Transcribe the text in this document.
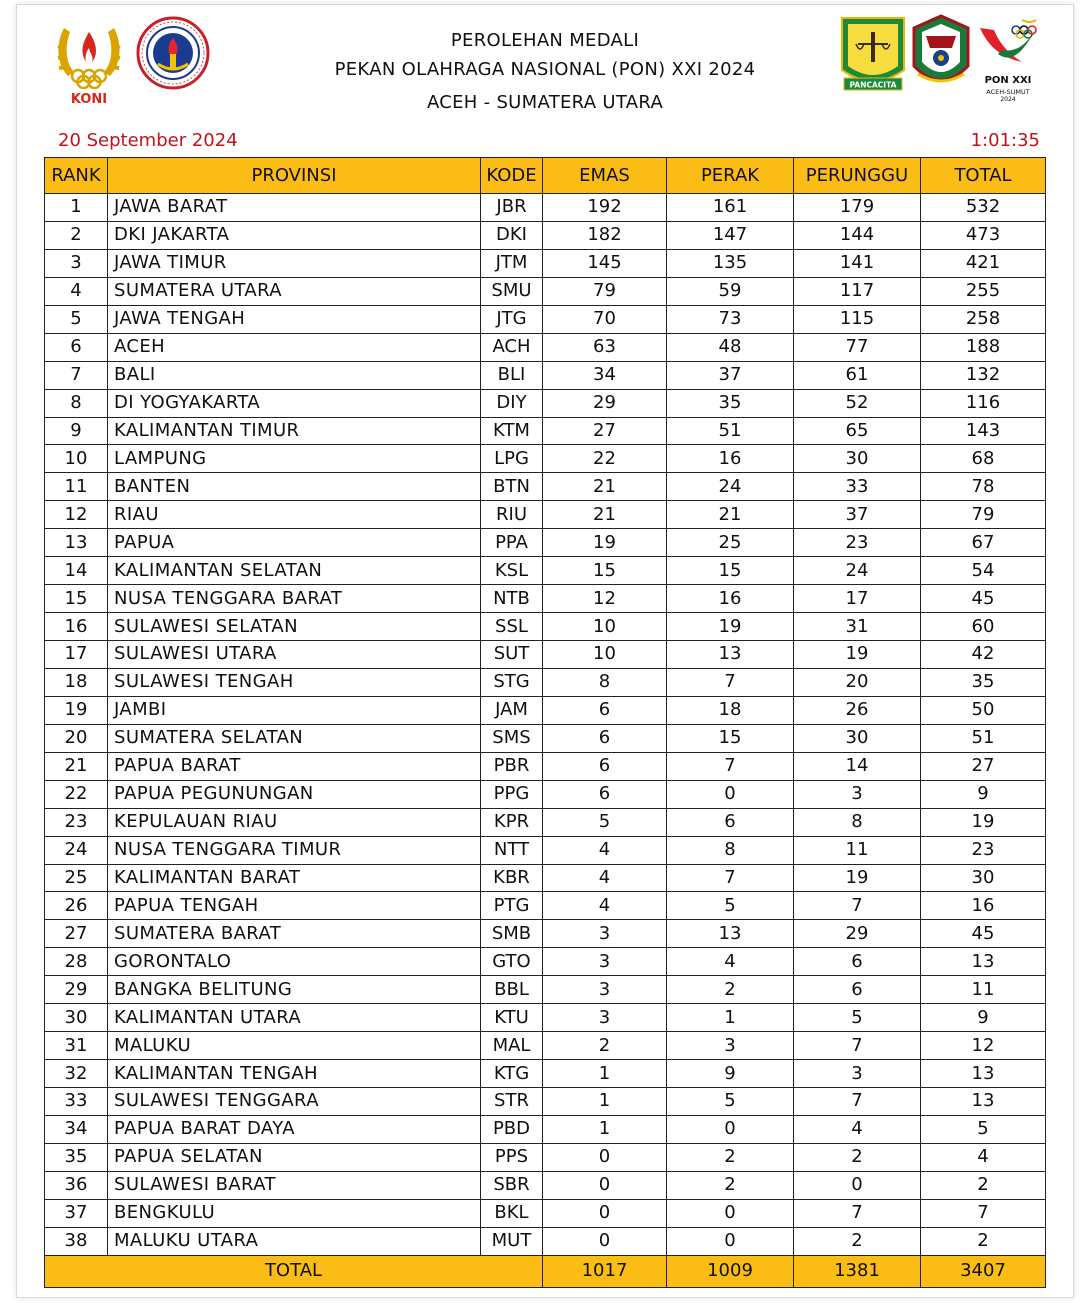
KONI
PANCACITA	PON XXI
ACEH-SUMUT
2024
PEROLEHAN MEDALI
PEKAN OLAHRAGA NASIONAL (PON) XXI 2024
ACEH - SUMATERA UTARA
20 September 2024	1:01:35
RANK	PROVINSI	KODE	EMAS	PERAK	PERUNGGU	TOTAL
1	JAWA BARAT	JBR	192	161	179	532
2	DKI JAKARTA	DKI	182	147	144	473
3	JAWA TIMUR	JTM	145	135	141	421
4	SUMATERA UTARA	SMU	79	59	117	255
5	JAWA TENGAH	JTG	70	73	115	258
6	ACEH	ACH	63	48	77	188
7	BALI	BLI	34	37	61	132
8	DI YOGYAKARTA	DIY	29	35	52	116
9	KALIMANTAN TIMUR	KTM	27	51	65	143
10	LAMPUNG	LPG	22	16	30	68
11	BANTEN	BTN	21	24	33	78
12	RIAU	RIU	21	21	37	79
13	PAPUA	PPA	19	25	23	67
14	KALIMANTAN SELATAN	KSL	15	15	24	54
15	NUSA TENGGARA BARAT	NTB	12	16	17	45
16	SULAWESI SELATAN	SSL	10	19	31	60
17	SULAWESI UTARA	SUT	10	13	19	42
18	SULAWESI TENGAH	STG	8	7	20	35
19	JAMBI	JAM	6	18	26	50
20	SUMATERA SELATAN	SMS	6	15	30	51
21	PAPUA BARAT	PBR	6	7	14	27
22	PAPUA PEGUNUNGAN	PPG	6	0	3	9
23	KEPULAUAN RIAU	KPR	5	6	8	19
24	NUSA TENGGARA TIMUR	NTT	4	8	11	23
25	KALIMANTAN BARAT	KBR	4	7	19	30
26	PAPUA TENGAH	PTG	4	5	7	16
27	SUMATERA BARAT	SMB	3	13	29	45
28	GORONTALO	GTO	3	4	6	13
29	BANGKA BELITUNG	BBL	3	2	6	11
30	KALIMANTAN UTARA	KTU	3	1	5	9
31	MALUKU	MAL	2	3	7	12
32	KALIMANTAN TENGAH	KTG	1	9	3	13
33	SULAWESI TENGGARA	STR	1	5	7	13
34	PAPUA BARAT DAYA	PBD	1	0	4	5
35	PAPUA SELATAN	PPS	0	2	2	4
36	SULAWESI BARAT	SBR	0	2	0	2
37	BENGKULU	BKL	0	0	7	7
38	MALUKU UTARA	MUT	0	0	2	2
TOTAL			1017	1009	1381	3407
